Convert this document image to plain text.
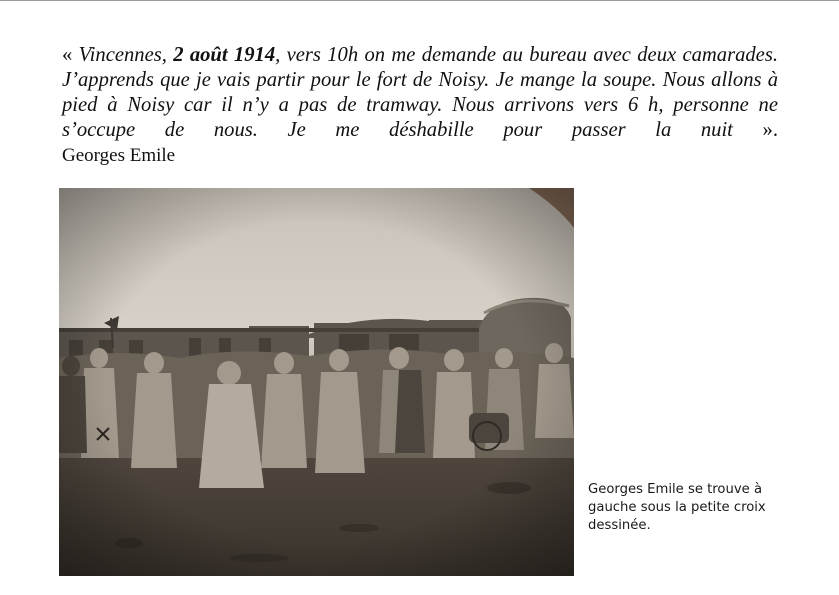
« Vincennes, 2 août 1914, vers 10h on me demande au bureau avec deux camarades. J’apprends que je vais partir pour le fort de Noisy. Je mange la soupe. Nous allons à pied à Noisy car il n’y a pas de tramway. Nous arrivons vers 6 h, personne ne s’occupe de nous. Je me déshabille pour passer la nuit ».

Georges Emile

Georges Emile se trouve à gauche sous la petite croix dessinée.
